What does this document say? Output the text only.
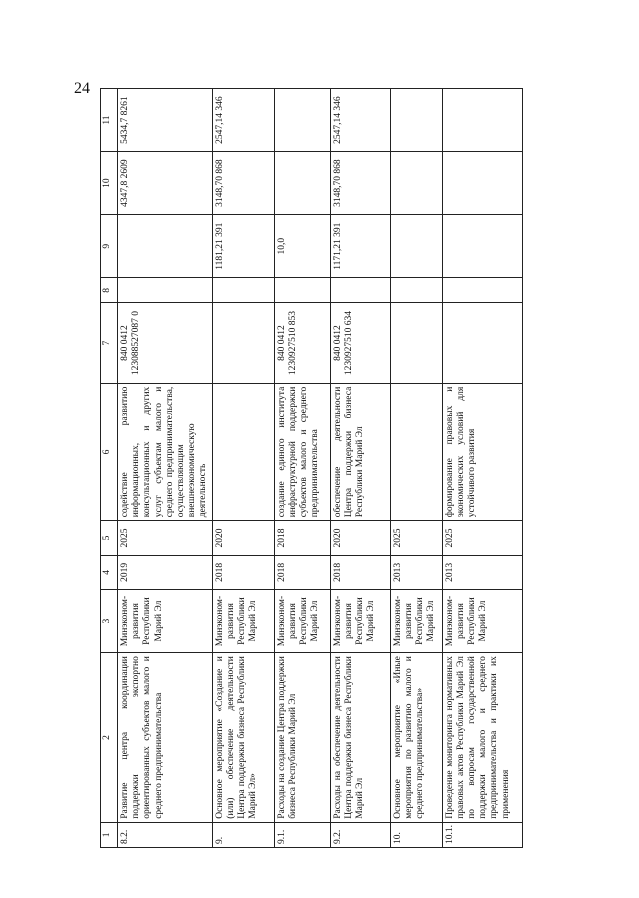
24
1	2	3	4	5	6	7	8	9	10	11
8.2.	Развитие центра координации поддержки экспортно ориентированных субъектов малого и среднего предпринимательства	Минэконом-развития Республики Марий Эл	2019	2025	содействие развитию информационных, консультационных и других услуг субъектам малого и среднего предпринимательства, осуществляющим внешнеэкономическую деятельность	840 0412 123088527087 0			4347,8 2609	5434,7 8261
9.	Основное мероприятие «Создание и (или) обеспечение деятельности Центра поддержки бизнеса Республики Марий Эл»	Минэконом-развития Республики Марий Эл	2018	2020				1181,21 391	3148,70 868	2547,14 346
9.1.	Расходы на создание Центра поддержки бизнеса Республики Марий Эл	Минэконом-развития Республики Марий Эл	2018	2018	создание единого института инфраструктурной поддержки субъектов малого и среднего предпринимательства	840 0412 1230927510 853		10,0		
9.2.	Расходы на обеспечение деятельности Центра поддержки бизнеса Республики Марий Эл	Минэконом-развития Республики Марий Эл	2018	2020	обеспечение деятельности Центра поддержки бизнеса Республики Марий Эл	840 0412 1230927510 634		1171,21 391	3148,70 868	2547,14 346
10.	Основное мероприятие «Иные мероприятия по развитию малого и среднего предпринимательства»	Минэконом-развития Республики Марий Эл	2013	2025						
10.1.	Проведение мониторинга нормативных правовых актов Республики Марий Эл по вопросам государственной поддержки малого и среднего предпринимательства и практики их применения	Минэконом-развития Республики Марий Эл	2013	2025	формирование правовых и экономических условий для устойчивого развития					
